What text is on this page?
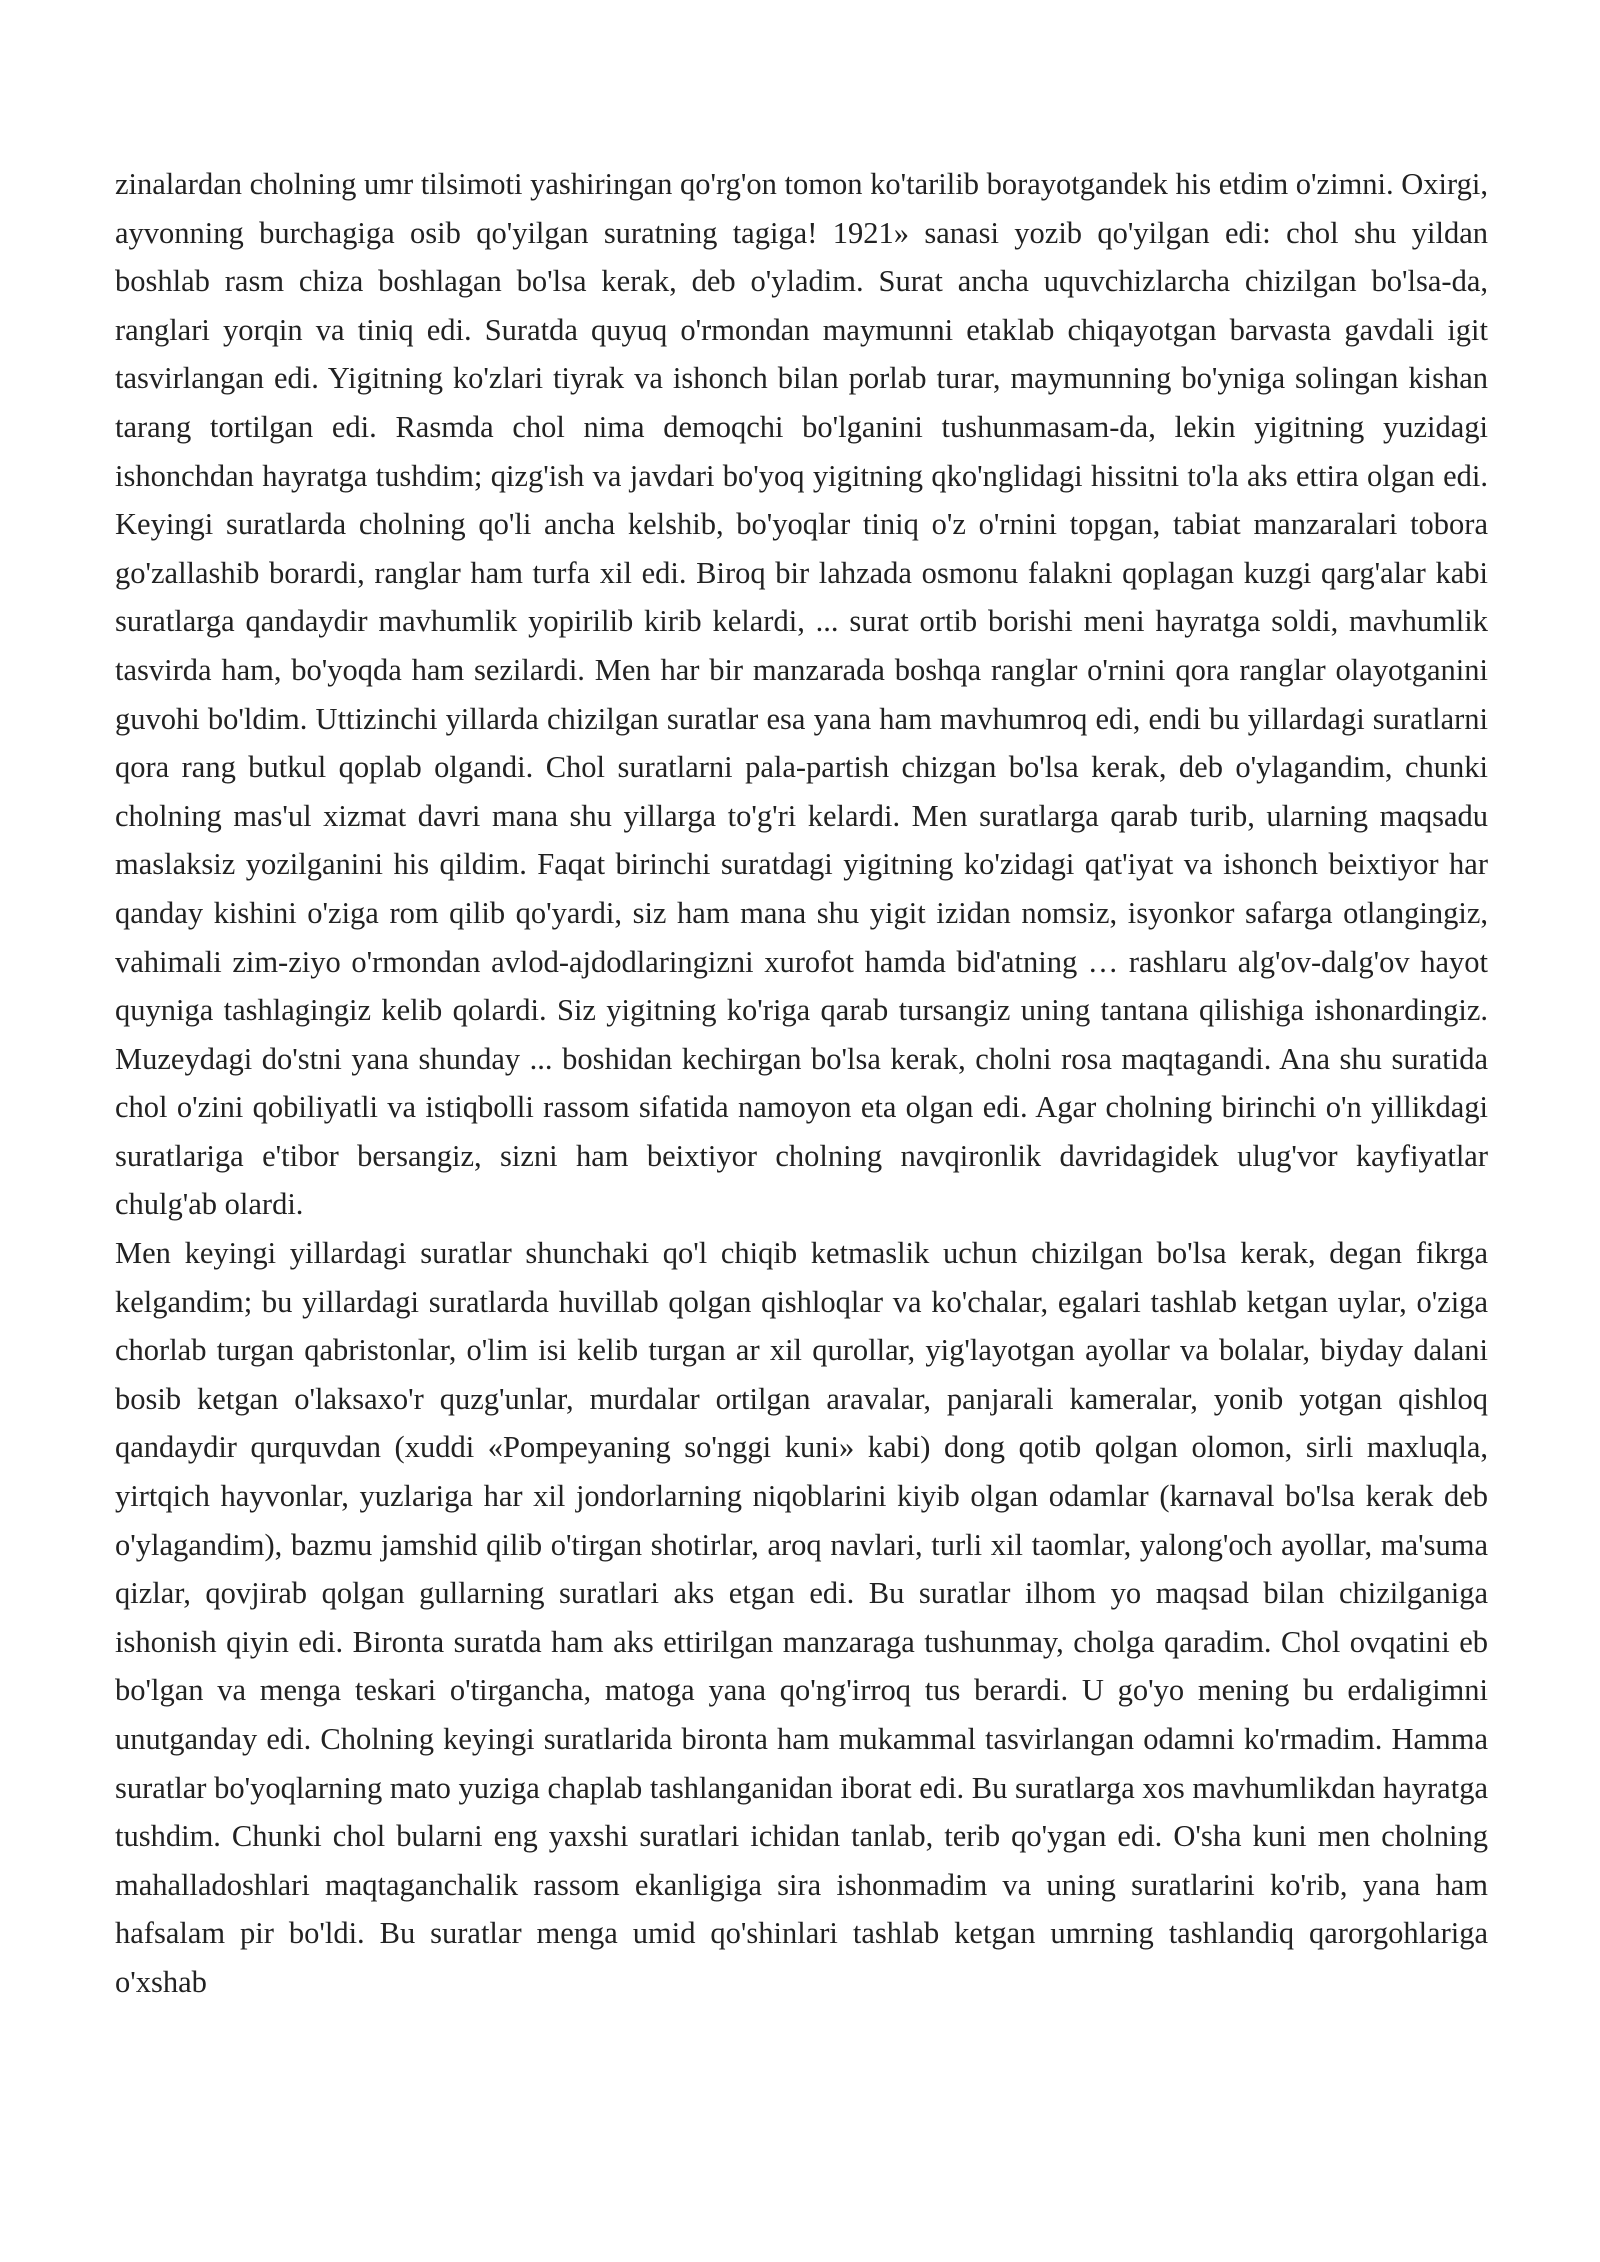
zinalardan cholning umr tilsimoti yashiringan qo'rg'on tomon ko'tarilib borayotgandek his etdim o'zimni. Oxirgi, ayvonning burchagiga osib qo'yilgan suratning tagiga! 1921» sanasi yozib qo'yilgan edi: chol shu yildan boshlab rasm chiza boshlagan bo'lsa kerak, deb o'yladim. Surat ancha uquvchizlarcha chizilgan bo'lsa-da, ranglari yorqin va tiniq edi. Suratda quyuq o'rmondan maymunni etaklab chiqayotgan barvasta gavdali igit tasvirlangan edi. Yigitning ko'zlari tiyrak va ishonch bilan porlab turar, maymunning bo'yniga solingan kishan tarang tortilgan edi. Rasmda chol nima demoqchi bo'lganini tushunmasam-da, lekin yigitning yuzidagi ishonchdan hayratga tushdim; qizg'ish va javdari bo'yoq yigitning qko'nglidagi hissitni to'la aks ettira olgan edi. Keyingi suratlarda cholning qo'li ancha kelshib, bo'yoqlar tiniq o'z o'rnini topgan, tabiat manzaralari tobora go'zallashib borardi, ranglar ham turfa xil edi. Biroq bir lahzada osmonu falakni qoplagan kuzgi qarg'alar kabi suratlarga qandaydir mavhumlik yopirilib kirib kelardi, ... surat ortib borishi meni hayratga soldi, mavhumlik tasvirda ham, bo'yoqda ham sezilardi. Men har bir manzarada boshqa ranglar o'rnini qora ranglar olayotganini guvohi bo'ldim. Uttizinchi yillarda chizilgan suratlar esa yana ham mavhumroq edi, endi bu yillardagi suratlarni qora rang butkul qoplab olgandi. Chol suratlarni pala-partish chizgan bo'lsa kerak, deb o'ylagandim, chunki cholning mas'ul xizmat davri mana shu yillarga to'g'ri kelardi. Men suratlarga qarab turib, ularning maqsadu maslaksiz yozilganini his qildim. Faqat birinchi suratdagi yigitning ko'zidagi qat'iyat va ishonch beixtiyor har qanday kishini o'ziga rom qilib qo'yardi, siz ham mana shu yigit izidan nomsiz, isyonkor safarga otlangingiz, vahimali zim-ziyo o'rmondan avlod-ajdodlaringizni xurofot hamda bid'atning … rashlaru alg'ov-dalg'ov hayot quyniga tashlagingiz kelib qolardi. Siz yigitning ko'riga qarab tursangiz uning tantana qilishiga ishonardingiz. Muzeydagi do'stni yana shunday ... boshidan kechirgan bo'lsa kerak, cholni rosa maqtagandi. Ana shu suratida chol o'zini qobiliyatli va istiqbolli rassom sifatida namoyon eta olgan edi. Agar cholning birinchi o'n yillikdagi suratlariga e'tibor bersangiz, sizni ham beixtiyor cholning navqironlik davridagidek ulug'vor kayfiyatlar chulg'ab olardi.

Men keyingi yillardagi suratlar shunchaki qo'l chiqib ketmaslik uchun chizilgan bo'lsa kerak, degan fikrga kelgandim; bu yillardagi suratlarda huvillab qolgan qishloqlar va ko'chalar, egalari tashlab ketgan uylar, o'ziga chorlab turgan qabristonlar, o'lim isi kelib turgan ar xil qurollar, yig'layotgan ayollar va bolalar, biyday dalani bosib ketgan o'laksaxo'r quzg'unlar, murdalar ortilgan aravalar, panjarali kameralar, yonib yotgan qishloq qandaydir qurquvdan (xuddi «Pompeyaning so'nggi kuni» kabi) dong qotib qolgan olomon, sirli maxluqla, yirtqich hayvonlar, yuzlariga har xil jondorlarning niqoblarini kiyib olgan odamlar (karnaval bo'lsa kerak deb o'ylagandim), bazmu jamshid qilib o'tirgan shotirlar, aroq navlari, turli xil taomlar, yalong'och ayollar, ma'suma qizlar, qovjirab qolgan gullarning suratlari aks etgan edi. Bu suratlar ilhom yo maqsad bilan chizilganiga ishonish qiyin edi. Bironta suratda ham aks ettirilgan manzaraga tushunmay, cholga qaradim. Chol ovqatini eb bo'lgan va menga teskari o'tirgancha, matoga yana qo'ng'irroq tus berardi. U go'yo mening bu erdaligimni unutganday edi. Cholning keyingi suratlarida bironta ham mukammal tasvirlangan odamni ko'rmadim. Hamma suratlar bo'yoqlarning mato yuziga chaplab tashlanganidan iborat edi. Bu suratlarga xos mavhumlikdan hayratga tushdim. Chunki chol bularni eng yaxshi suratlari ichidan tanlab, terib qo'ygan edi. O'sha kuni men cholning mahalladoshlari maqtaganchalik rassom ekanligiga sira ishonmadim va uning suratlarini ko'rib, yana ham hafsalam pir bo'ldi. Bu suratlar menga umid qo'shinlari tashlab ketgan umrning tashlandiq qarorgohlariga o'xshab
